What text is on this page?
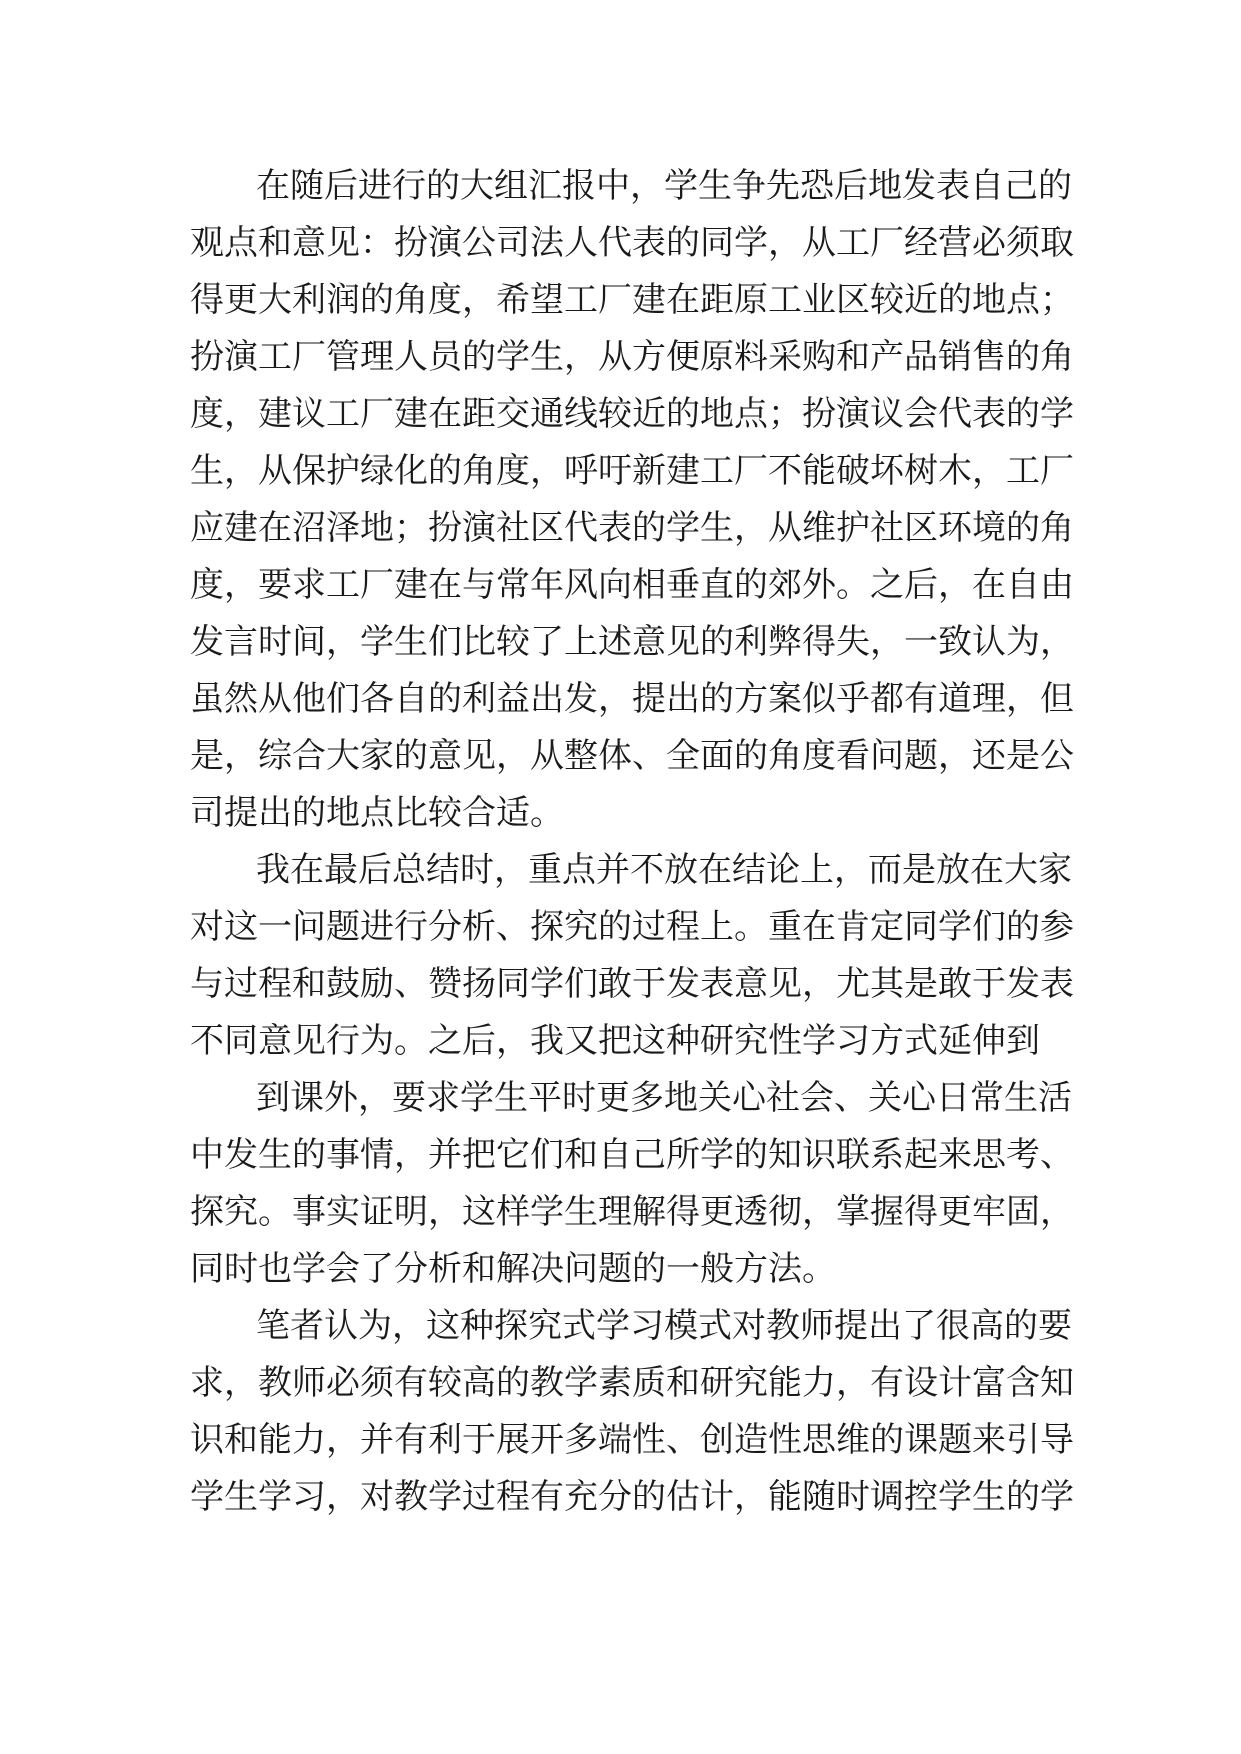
在随后进行的大组汇报中，学生争先恐后地发表自己的
观点和意见：扮演公司法人代表的同学，从工厂经营必须取
得更大利润的角度，希望工厂建在距原工业区较近的地点；
扮演工厂管理人员的学生，从方便原料采购和产品销售的角
度，建议工厂建在距交通线较近的地点；扮演议会代表的学
生，从保护绿化的角度，呼吁新建工厂不能破坏树木，工厂
应建在沼泽地；扮演社区代表的学生，从维护社区环境的角
度，要求工厂建在与常年风向相垂直的郊外。之后，在自由
发言时间，学生们比较了上述意见的利弊得失，一致认为，
虽然从他们各自的利益出发，提出的方案似乎都有道理，但
是，综合大家的意见，从整体、全面的角度看问题，还是公
司提出的地点比较合适。
我在最后总结时，重点并不放在结论上，而是放在大家
对这一问题进行分析、探究的过程上。重在肯定同学们的参
与过程和鼓励、赞扬同学们敢于发表意见，尤其是敢于发表
不同意见行为。之后，我又把这种研究性学习方式延伸到
到课外，要求学生平时更多地关心社会、关心日常生活
中发生的事情，并把它们和自己所学的知识联系起来思考、
探究。事实证明，这样学生理解得更透彻，掌握得更牢固，
同时也学会了分析和解决问题的一般方法。
笔者认为，这种探究式学习模式对教师提出了很高的要
求，教师必须有较高的教学素质和研究能力，有设计富含知
识和能力，并有利于展开多端性、创造性思维的课题来引导
学生学习，对教学过程有充分的估计，能随时调控学生的学
